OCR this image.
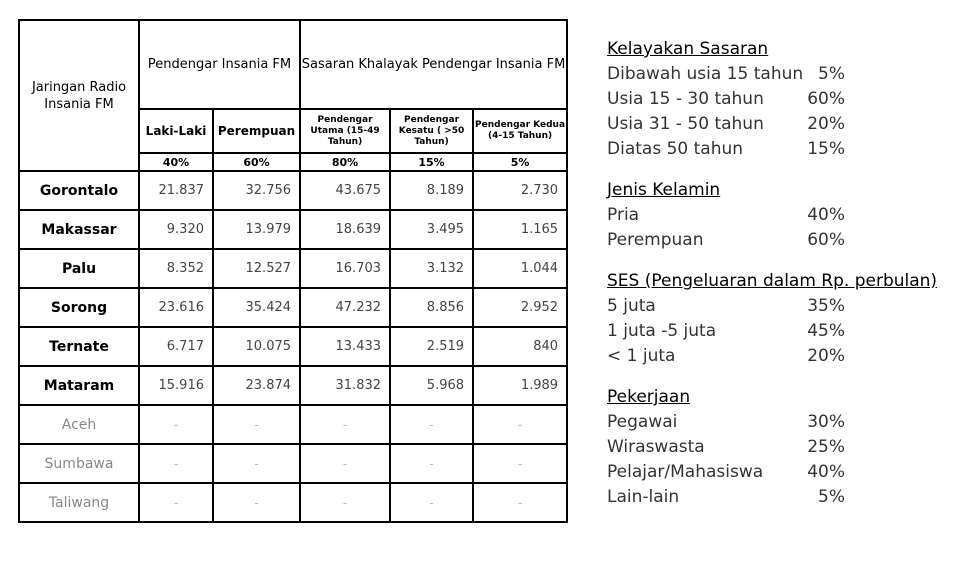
Jaringan Radio Insania FM	Pendengar Insania FM		Sasaran Khalayak Pendengar Insania FM		
	Laki-Laki	Perempuan	Pendengar Utama (15-49 Tahun)	Pendengar Kesatu ( >50 Tahun)	Pendengar Kedua (4-15 Tahun)
	40%	60%	80%	15%	5%
Gorontalo	21.837	32.756	43.675	8.189	2.730
Makassar	9.320	13.979	18.639	3.495	1.165
Palu	8.352	12.527	16.703	3.132	1.044
Sorong	23.616	35.424	47.232	8.856	2.952
Ternate	6.717	10.075	13.433	2.519	840
Mataram	15.916	23.874	31.832	5.968	1.989
Aceh	-	-	-	-	-
Sumbawa	-	-	-	-	-
Taliwang	-	-	-	-	-
Kelayakan Sasaran
Dibawah usia 15 tahun 5%
Usia 15 - 30 tahun	60%
Usia 31 - 50 tahun	20%
Diatas 50 tahun	15%
Jenis Kelamin
Pria	40%
Perempuan	60%
SES (Pengeluaran dalam Rp. perbulan)
5 juta	35%
1 juta -5 juta	45%
< 1 juta	20%
Pekerjaan
Pegawai	30%
Wiraswasta	25%
Pelajar/Mahasiswa	40%
Lain-lain	5%
